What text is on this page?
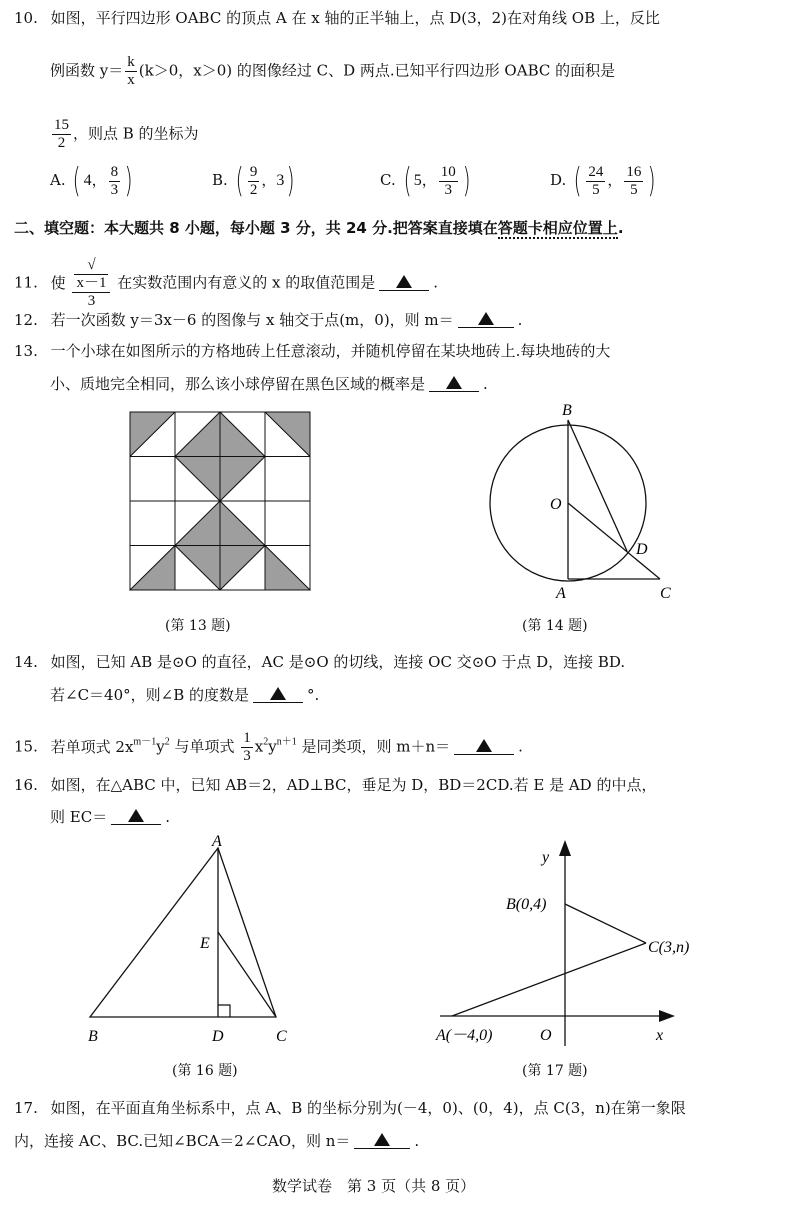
10. 如图，平行四边形 OABC 的顶点 A 在 x 轴的正半轴上，点 D(3，2)在对角线 OB 上，反比
例函数 $y= \frac{k}{x} (k>0$，x＞0) 的图像经过 C、D 两点.已知平行四边形 OABC 的面积是
$\frac{15}{2}$ ，则点 B 的坐标为
A. ( 4， $\frac{8}{3}$ )	B. ( $\frac{9}{2}$ ，3)	C. ( 5， $\frac{10}{3}$ )	D. ( $\frac{24}{5}$ ， $\frac{16}{5}$ )
二、填空题：本大题共 8 小题，每小题 3 分，共 24 分.把答案直接填在答题卡相应位置上.
11. 使 √
x－1
3 在实数范围内有意义的 x 的取值范围是	.
12. 若一次函数 y＝3x－6 的图像与 x 轴交于点(m，0)，则 m＝	.
13. 一个小球在如图所示的方格地砖上任意滚动，并随机停留在某块地砖上.每块地砖的大
小、质地完全相同，那么该小球停留在黑色区域的概率是	.
(第 13 题)
B
O
D
A	C
(第 14 题)
14. 如图，已知 AB 是⊙O 的直径，AC 是⊙O 的切线，连接 OC 交⊙O 于点 D，连接 BD.
若∠C＝40°，则∠B 的度数是	°.
15. 若单项式 $2x^{m-1}y^2$ 与单项式 $\frac{1}{3} x^2y^{n+1}$ 是同类项，则 m＋n＝	.
16. 如图，在△ABC 中，已知 AB＝2，AD⊥BC，垂足为 D，BD＝2CD.若 E 是 AD 的中点，
则 EC＝	.
A
E
B	D	C
(第 16 题)
y
x
B(0,4)
C(3,n)
A(－4,0)	O
(第 17 题)
17. 如图，在平面直角坐标系中，点 A、B 的坐标分别为(－4，0)、(0，4)，点 C(3，n)在第一象限
内，连接 AC、BC.已知∠BCA＝2∠CAO，则 n＝	.
数学试卷　第 3 页（共 8 页）
